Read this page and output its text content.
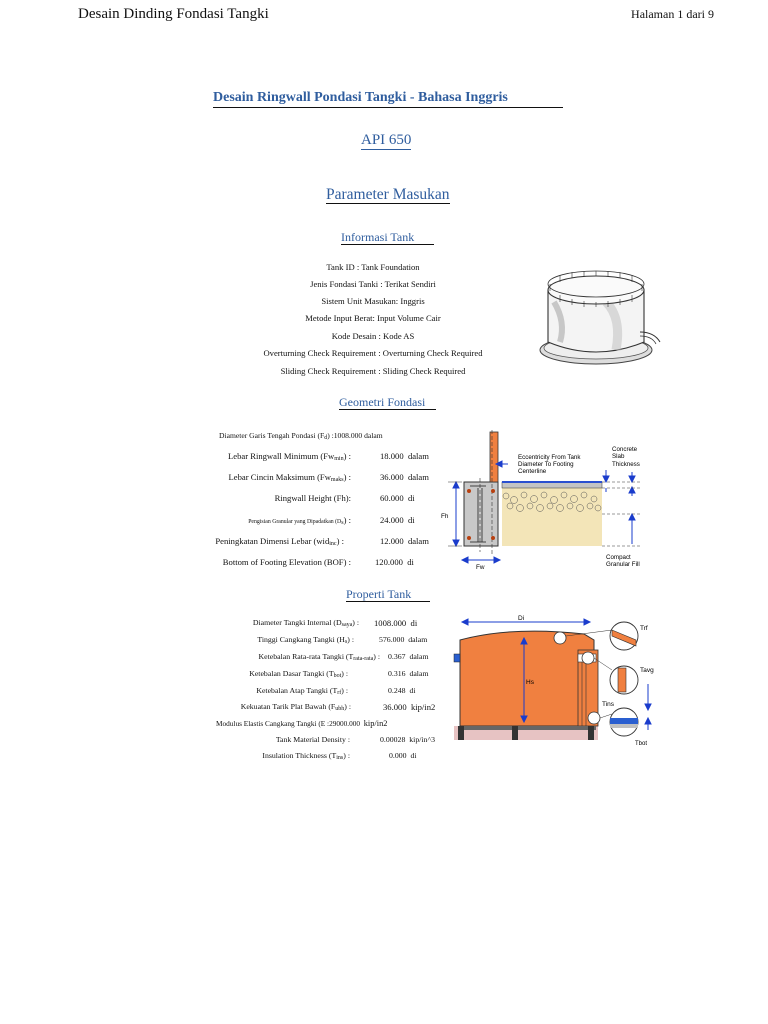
Desain Dinding Fondasi Tangki	Halaman 1 dari 9
Desain Ringwall Pondasi Tangki - Bahasa Inggris
API 650
Parameter Masukan
Informasi Tank
Tank ID : Tank Foundation
Jenis Fondasi Tanki : Terikat Sendiri
Sistem Unit Masukan: Inggris
Metode Input Berat: Input Volume Cair
Kode Desain : Kode AS
Overturning Check Requirement : Overturning Check Required
Sliding Check Requirement : Sliding Check Required
Geometri Fondasi
Diameter Garis Tengah Pondasi $(F_d)$ :1008.000 dalam
Lebar Ringwall Minimum $(Fw_{min})$ :	18.000 dalam
Lebar Cincin Maksimum $(Fw_{maks})$ :	36.000 dalam
Ringwall Height (Fh):	60.000 di
Pengisian Granular yang Dipadatkan $(D_s)$ :	24.000 di
Peningkatan Dimensi Lebar (wid$_{inc}$) :	12.000 dalam
Bottom of Footing Elevation (BOF) :	120.000 di
Eccentricity From Tank
Diameter To Footing
Centerline
Concrete
Slab
Thickness
Compact
Granular Fill
Fh
Fw
Properti Tank
Diameter Tangki Internal $(D_{saya})$ : 1008.000 di
Tinggi Cangkang Tangki $(H_s)$ :	576.000 dalam
Ketebalan Rata-rata Tangki $(T_{rata-rata})$ : 0.367 dalam
Ketebalan Dasar Tangki $(T_{bot})$ :	0.316 dalam
Ketebalan Atap Tangki $(T_{rf})$ :	0.248 di
Kekuatan Tarik Plat Bawah $(F_{ubh})$ :	36.000 kip/in2
Modulus Elastis Cangkang Tangki (E :29000.000 kip/in2
Tank Material Density :	0.00028 kip/in^3
Insulation Thickness $(T_{ins})$ :	0.000 di
Di
Hs
Trf
Tavg
Tins
Tbot
